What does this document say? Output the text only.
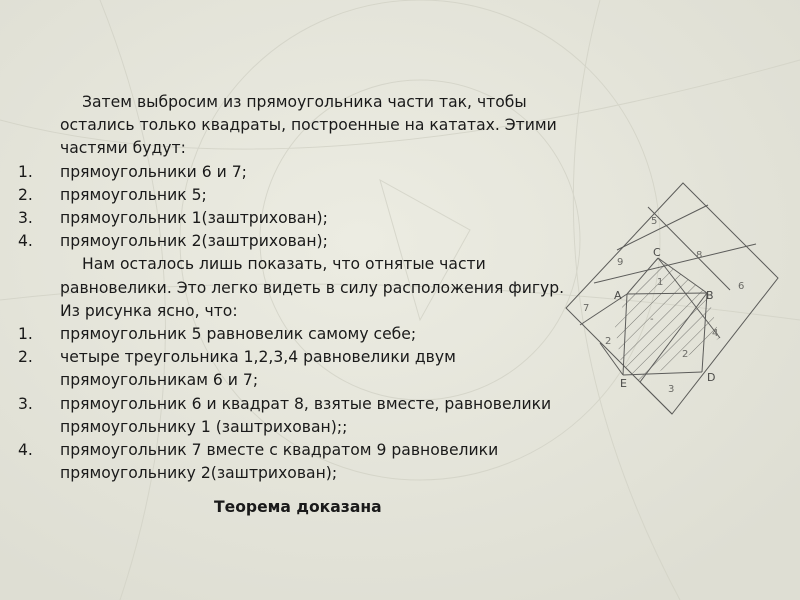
Затем выбросим из прямоугольника части так, чтобы остались только квадраты, построенные на кататах. Этими частями будут:

1.	прямоугольники 6 и 7;
2.	прямоугольник 5;
3.	прямоугольник 1(заштрихован);
4.	прямоугольник 2(заштрихован);

Нам осталось лишь показать, что отнятые части равновелики. Это легко видеть в силу расположения фигур. Из рисунка ясно, что:

1.	прямоугольник 5 равновелик самому себе;
2.	четыре треугольника 1,2,3,4 равновелики двум прямоугольникам 6 и 7;
3.	прямоугольник 6 и квадрат 8, взятые вместе, равновелики прямоугольнику 1 (заштрихован);;
4.	прямоугольник 7 вместе с квадратом 9 равновелики прямоугольнику 2(заштрихован);
Теорема доказана
5
9
8
6
7
1
2
3
4
2
-
C
A	B
E	D
